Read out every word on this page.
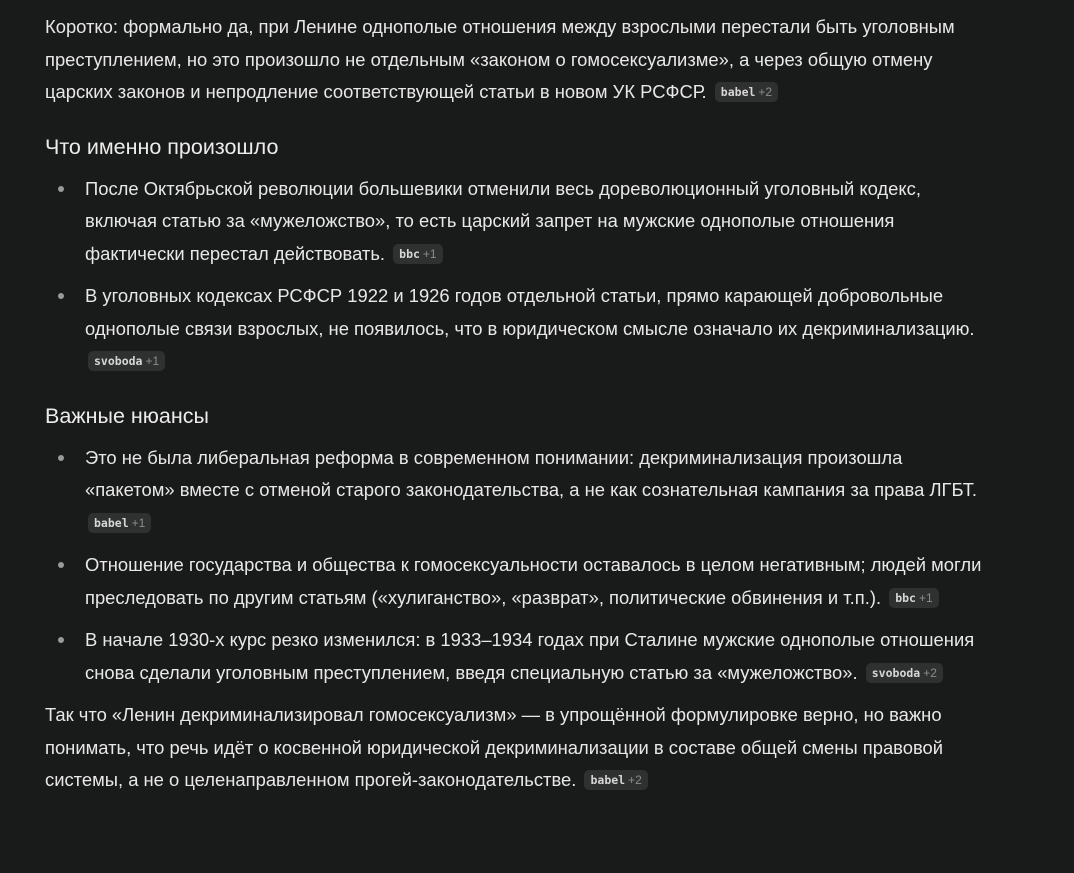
Коротко: формально да, при Ленине однополые отношения между взрослыми перестали быть уголовным преступлением, но это произошло не отдельным «законом о гомосексуализме», а через общую отмену царских законов и непродление соответствующей статьи в новом УК РСФСР. babel +2

Что именно произошло
После Октябрьской революции большевики отменили весь дореволюционный уголовный кодекс, включая статью за «мужеложство», то есть царский запрет на мужские однополые отношения фактически перестал действовать. bbc +1
В уголовных кодексах РСФСР 1922 и 1926 годов отдельной статьи, прямо карающей добровольные однополые связи взрослых, не появилось, что в юридическом смысле означало их декриминализацию. svoboda +1
Важные нюансы
Это не была либеральная реформа в современном понимании: декриминализация произошла «пакетом» вместе с отменой старого законодательства, а не как сознательная кампания за права ЛГБТ. babel +1
Отношение государства и общества к гомосексуальности оставалось в целом негативным; людей могли преследовать по другим статьям («хулиганство», «разврат», политические обвинения и т.п.). bbc +1
В начале 1930-х курс резко изменился: в 1933–1934 годах при Сталине мужские однополые отношения снова сделали уголовным преступлением, введя специальную статью за «мужеложство». svoboda +2

Так что «Ленин декриминализировал гомосексуализм» — в упрощённой формулировке верно, но важно понимать, что речь идёт о косвенной юридической декриминализации в составе общей смены правовой системы, а не о целенаправленном прогей-законодательстве. babel +2
